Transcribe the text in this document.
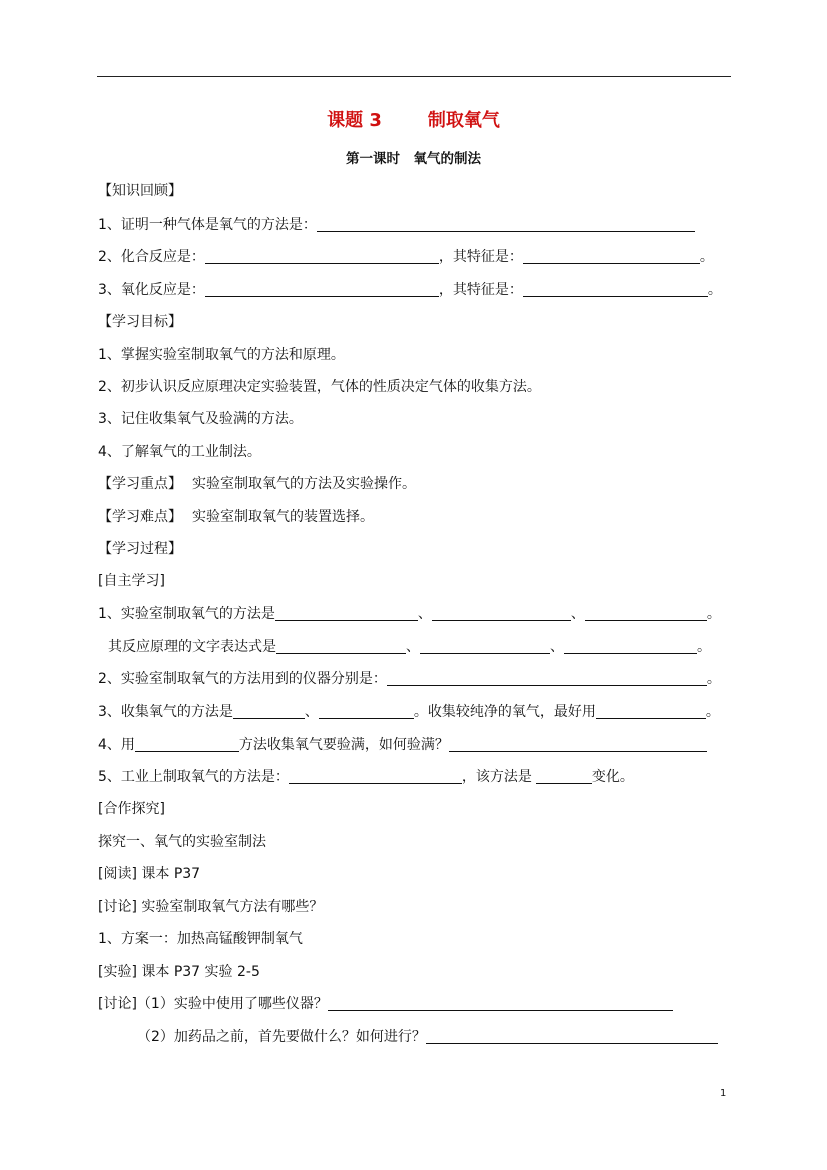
课题 3	制取氧气
第一课时　氧气的制法
【知识回顾】
1、证明一种气体是氧气的方法是：
2、化合反应是：	，其特征是：	。
3、氧化反应是：	，其特征是：	。
【学习目标】
1、掌握实验室制取氧气的方法和原理。
2、初步认识反应原理决定实验装置，气体的性质决定气体的收集方法。
3、记住收集氧气及验满的方法。
4、了解氧气的工业制法。
【学习重点】 实验室制取氧气的方法及实验操作。
【学习难点】 实验室制取氧气的装置选择。
【学习过程】
[自主学习]
1、实验室制取氧气的方法是	、	、	。
其反应原理的文字表达式是	、	、	。
2、实验室制取氧气的方法用到的仪器分别是：	。
3、收集氧气的方法是	、	。收集较纯净的氧气，最好用	。
4、用	方法收集氧气要验满，如何验满？
5、工业上制取氧气的方法是：	，该方法是	变化。
[合作探究]
探究一、氧气的实验室制法
[阅读] 课本 P37
[讨论] 实验室制取氧气方法有哪些？
1、方案一：加热高锰酸钾制氧气
[实验] 课本 P37 实验 2-5
[讨论]（1）实验中使用了哪些仪器？
（2）加药品之前，首先要做什么？如何进行？
1
